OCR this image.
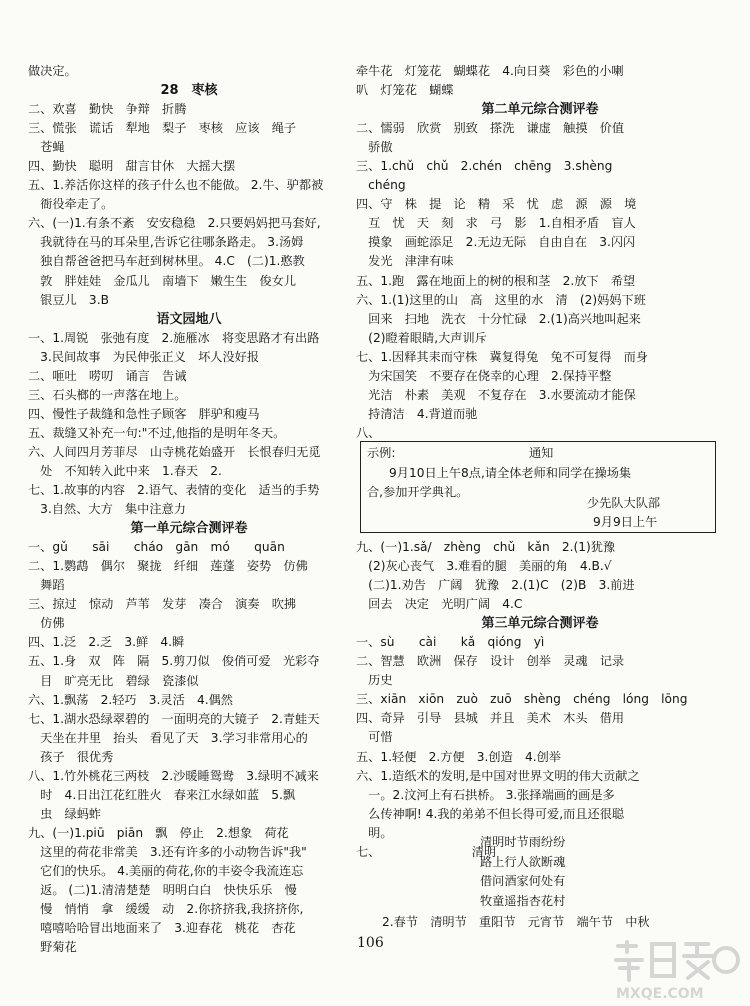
做决定。
28　枣核
二、欢喜　勤快　争辩　折腾
三、慌张　谎话　犁地　梨子　枣核　应该　绳子
　苍蝇
四、勤快　聪明　甜言甘休　大摇大摆
五、1.养活你这样的孩子什么也不能做。 2.牛、驴都被
　衙役牵走了。
六、(一)1.有条不紊　安安稳稳　2.只要妈妈把马套好,
　我就待在马的耳朵里,告诉它往哪条路走。 3.汤姆
　独自帮爸爸把马车赶到树林里。 4.C　(二)1.憨教
　敦　胖娃娃　金瓜儿　南墙下　嫩生生　俊女儿
　银豆儿　3.B
语文园地八
一、1.周锐　张弛有度　2.施雁冰　将变思路才有出路
　3.民间故事　为民伸张正义　坏人没好报
二、咂吐　唠叨　诵言　告诫
三、石头榔的一声落在地上。
四、慢性子裁缝和急性子顾客　胖驴和瘦马
五、裁缝又补充一句:"不过,他指的是明年冬天。
六、人间四月芳菲尽　山寺桃花始盛开　长恨春归无觅
　处　不知转入此中来　1.春天　2.
七、1.故事的内容　2.语气、表情的变化　适当的手势
　3.自然、大方　集中注意力
第一单元综合测评卷
一、gǔ　　sāi　　cháo　gān　mó　　quān
二、1.鹦鹉　偶尔　聚拢　纤细　莲蓬　姿势　仿佛
　舞蹈
三、掠过　惊动　芦苇　发芽　凑合　演奏　吹拂
　仿佛
四、1.泛　2.乏　3.鲜　4.瞬
五、1.身　双　阵　隔　5.剪刀似　俊俏可爱　光彩夺
　目　旷亮无比　碧绿　瓷漆似
六、1.飘荡　2.轻巧　3.灵活　4.偶然
七、1.湖水恐绿翠碧的　一面明亮的大镜子　2.青蛙天
　天坐在井里　抬头　看见了天　3.学习非常用心的
　孩子　很优秀
八、1.竹外桃花三两枝　2.沙暖睡鸳鸯　3.绿明不减来
　时　4.日出江花红胜火　春来江水绿如蓝　5.飘
　虫　绿蚂蚱
九、(一)1.piū　piān　飘　停止　2.想象　荷花
　这里的荷花非常美　3.还有许多的小动物告诉"我"
　它们的快乐。 4.美丽的荷花,你的丰姿令我流连忘
　返。 (二)1.清清楚楚　明明白白　快快乐乐　慢
　慢　悄悄　拿　缓缓　动　2.你挤挤我,我挤挤你,
　嘻嘻哈哈冒出地面来了　3.迎春花　桃花　杏花
　野菊花
牵牛花　灯笼花　蝴蝶花　4.向日葵　彩色的小喇
叭　灯笼花　蝴蝶
第二单元综合测评卷
二、懦弱　欣赏　别致　搽洗　谦虚　触摸　价值
　骄傲
三、1.chǔ　chǔ　2.chén　chēng　3.shèng
　chéng
四、守　株　提　论　精　采　忧　虑　源　源　境
　互　忧　天　刻　求　弓　影　1.自相矛盾　盲人
　摸象　画蛇添足　2.无边无际　自由自在　3.闪闪
　发光　津津有味
五、1.跑　露在地面上的树的根和茎　2.放下　希望
六、1.(1)这里的山　高　这里的水　清　(2)妈妈下班
　回来　扫地　洗衣　十分忙碌　2.(1)高兴地叫起来
　(2)瞪着眼睛,大声训斥
七、1.因释其耒而守株　冀复得兔　兔不可复得　而身
　为宋国笑　不要存在侥幸的心理　2.保持平整
　光洁　朴素　美观　不复存在　3.水要流动才能保
　持清洁　4.背道而驰
八、
示例:	通知
9月10日上午8点,请全体老师和同学在操场集
合,参加开学典礼。
少先队大队部
9月9日上午
九、(一)1.sǎ/　zhèng　chǔ　kǎn　2.(1)犹豫
　(2)灰心丧气　3.难看的腿　美丽的角　4.B.√
　(二)1.劝告　广阔　犹豫　2.(1)C　(2)B　3.前进
　回去　决定　光明广阔　4.C
第三单元综合测评卷
一、sù　　cài　　kǎ　qióng　yì
二、智慧　欧洲　保存　设计　创举　灵魂　记录
　历史
三、xiān　xiōn　zuò　zuō　shèng　chéng　lóng　lōng
四、奇异　引导　县城　并且　美术　木头　借用
　可惜
五、1.轻便　2.方便　3.创造　4.创举
六、1.造纸术的发明,是中国对世界文明的伟大贡献之
　一。2.汶河上有石拱桥。 3.张择端画的画是多
　么传神啊! 4.我的弟弟不但长得可爱,而且还很聪
　明。
七、　　　　　　　　清明
清明时节雨纷纷
路上行人欲断魂
借问酒家何处有
牧童遥指杏花村
2.春节　清明节　重阳节　元宵节　端午节　中秋
106
MXQE.COM
